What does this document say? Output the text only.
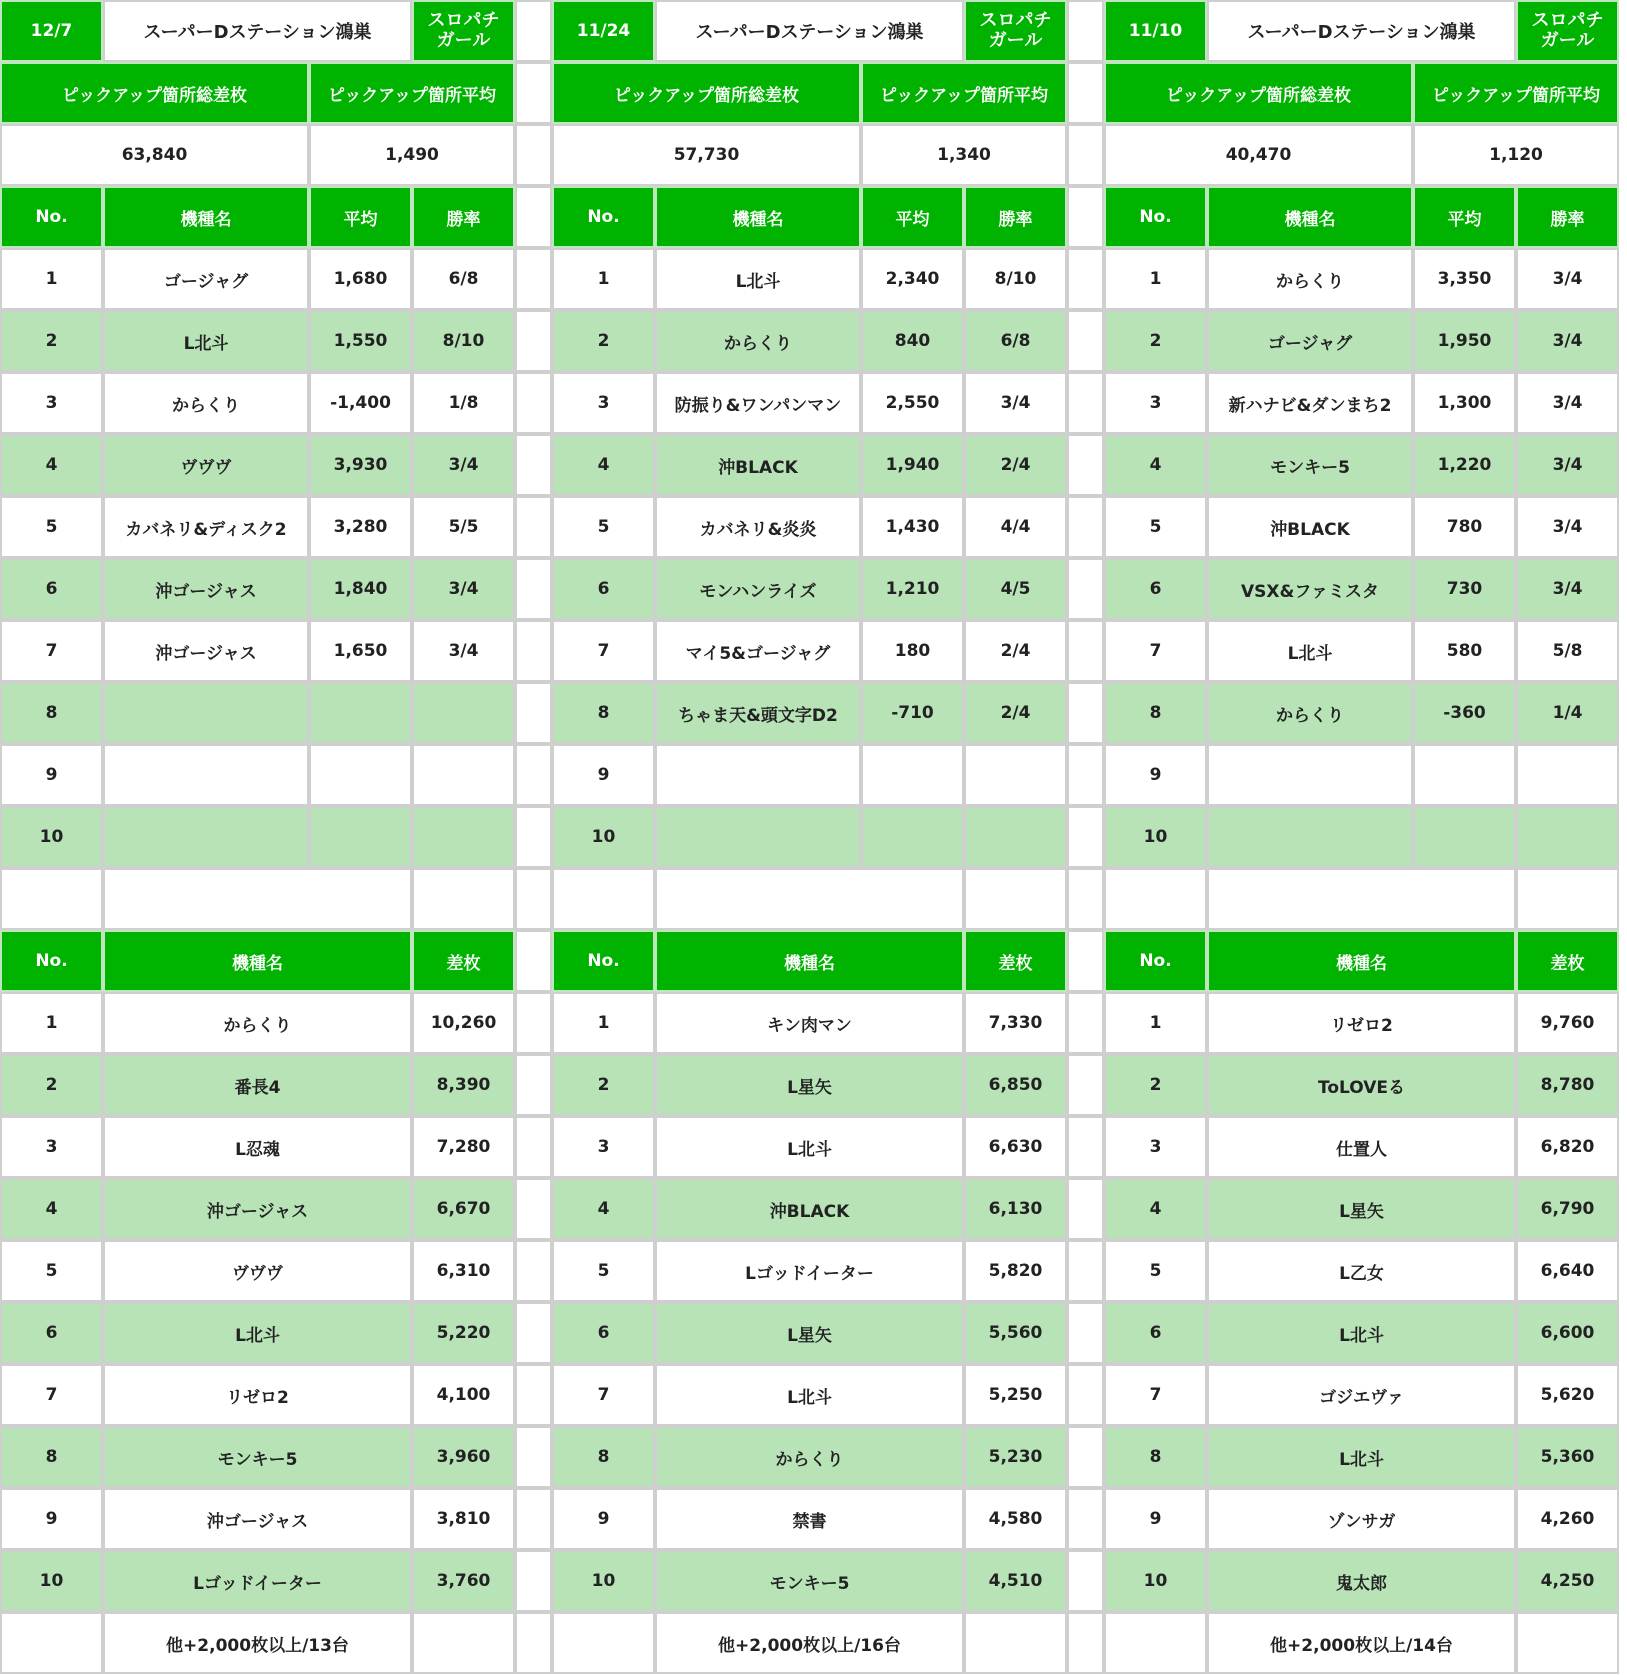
12/7	スーパーDステーション鴻巣
スロパチ
ガール
ピックアップ箇所総差枚	ピックアップ箇所平均
63,840	1,490
No.	機種名	平均	勝率
1	ゴージャグ	1,680	6/8
2	L北斗	1,550	8/10
3	からくり	-1,400	1/8
4	ヴヴヴ	3,930	3/4
5	カバネリ&ディスク2	3,280	5/5
6	沖ゴージャス	1,840	3/4
7	沖ゴージャス	1,650	3/4
8
9
10
No.	機種名	差枚
1	からくり	10,260
2	番長4	8,390
3	L忍魂	7,280
4	沖ゴージャス	6,670
5	ヴヴヴ	6,310
6	L北斗	5,220
7	リゼロ2	4,100
8	モンキー5	3,960
9	沖ゴージャス	3,810
10	Lゴッドイーター	3,760
他+2,000枚以上/13台
11/24	スーパーDステーション鴻巣
スロパチ
ガール
ピックアップ箇所総差枚	ピックアップ箇所平均
57,730	1,340
No.	機種名	平均	勝率
1	L北斗	2,340	8/10
2	からくり	840	6/8
3	防振り&ワンパンマン	2,550	3/4
4	沖BLACK	1,940	2/4
5	カバネリ&炎炎	1,430	4/4
6	モンハンライズ	1,210	4/5
7	マイ5&ゴージャグ	180	2/4
8	ちゃま天&頭文字D2	-710	2/4
9
10
No.	機種名	差枚
1	キン肉マン	7,330
2	L星矢	6,850
3	L北斗	6,630
4	沖BLACK	6,130
5	Lゴッドイーター	5,820
6	L星矢	5,560
7	L北斗	5,250
8	からくり	5,230
9	禁書	4,580
10	モンキー5	4,510
他+2,000枚以上/16台
11/10	スーパーDステーション鴻巣
スロパチ
ガール
ピックアップ箇所総差枚	ピックアップ箇所平均
40,470	1,120
No.	機種名	平均	勝率
1	からくり	3,350	3/4
2	ゴージャグ	1,950	3/4
3	新ハナビ&ダンまち2	1,300	3/4
4	モンキー5	1,220	3/4
5	沖BLACK	780	3/4
6	VSX&ファミスタ	730	3/4
7	L北斗	580	5/8
8	からくり	-360	1/4
9
10
No.	機種名	差枚
1	リゼロ2	9,760
2	ToLOVEる	8,780
3	仕置人	6,820
4	L星矢	6,790
5	L乙女	6,640
6	L北斗	6,600
7	ゴジエヴァ	5,620
8	L北斗	5,360
9	ゾンサガ	4,260
10	鬼太郎	4,250
他+2,000枚以上/14台
